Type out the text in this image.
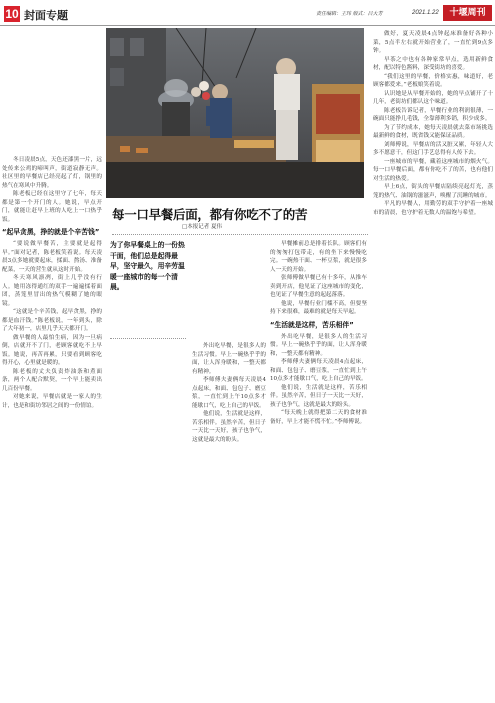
10 封面专题	责任编辑：王玮 版式：吕大芳	2021.1.22	十堰周刊
每一口早餐后面，都有你吃不了的苦
□本报记者 夏伟
为了你早餐桌上的一份热干面，他们总是起得最早，坚守最久，用辛劳温暖一座城市的每一个清晨。

冬日凌晨5点，天色还漆黑一片，远处传来公鸡的啼叫声，街道寂静无声。社区里的早餐店已经亮起了灯，锅里的热气在寒风中升腾。

陈老板已经在这里守了七年，每天都是第一个开门的人。她说，早点开门，就能让赶早上班的人吃上一口热乎饭。

“起早贪黑，挣的就是个辛苦钱”

“要说做早餐苦，主要就是起得早。”面对记者，陈老板笑着说。每天凌晨3点多她就要起床，揉面、熬汤、准备配菜，一天的营生就从这时开始。

冬天寒风凛冽，街上几乎没有行人。她用冻得通红的双手一遍遍揉着面团，蒸笼里冒出的热气模糊了她的眼镜。

“这就是个辛苦钱，起早贪黑，挣的都是血汗钱。”陈老板说，一年到头，除了大年初一，店里几乎天天都开门。

做早餐的人最怕生病，因为一旦病倒，店就开不了门，老顾客就吃不上早饭。她说，再苦再累，只要看到顾客吃得开心，心里就是暖的。

陈老板的丈夫负责炸油条和煮面条，两个人配合默契，一个早上能卖出几百份早餐。

对她来说，早餐店就是一家人的生计，也是和街坊邻居之间的一份情谊。

早餐摊前总是排着长队。顾客们有的匆匆打包带走，有的坐下来慢慢吃完。一碗热干面、一杯豆浆，就是很多人一天的开始。

张师傅做早餐已有十多年，从推车卖到开店，他见证了这座城市的变化，也见证了早餐生意的起起落落。

他说，早餐行业门槛不高，但要坚持下来很难，最难的就是每天早起。

“生活就是这样，苦乐相伴”

外出吃早餐，是很多人的生活习惯。早上一碗热乎乎的面，让人浑身暖和，一整天都有精神。

李师傅夫妻俩每天凌晨4点起床，和面、包包子、磨豆浆，一直忙到上午10点多才能歇口气，吃上自己的早饭。

他们说，生活就是这样，苦乐相伴。虽然辛苦，但日子一天比一天好，孩子也争气，这就是最大的盼头。

“每天晚上就得把第二天的食材准备好，早上才能不慌不忙。”李师傅说。

外出吃早餐，是很多人的生活习惯。早上一碗热乎乎的面，让人浑身暖和，一整天都有精神。

李师傅夫妻俩每天凌晨4点起床，和面、包包子、磨豆浆，一直忙到上午10点多才能歇口气，吃上自己的早饭。

他们说，生活就是这样，苦乐相伴。虽然辛苦，但日子一天比一天好，孩子也争气，这就是最大的盼头。

做好，夏天凌晨4点钟起床准备好各种小菜，5点半左右就开始营业了，一直忙到9点多钟。

早茶之中也有各种家常早点，选用新鲜食材，配以特色酱料，深受街坊的喜爱。

“我们这里的早餐，价格实惠，味道好，老顾客都爱来。”老板娘笑着说。

认识她是从早餐开始的，她的早点铺开了十几年，老街坊们都认这个味道。

陈老板告诉记者，早餐行业的利润很薄，一碗面只能挣几毛钱，全靠薄利多销，积少成多。

为了节约成本，她每天凌晨就去菜市场挑选最新鲜的食材，既省钱又能保证品质。

刘师傅说，早餐店的活又脏又累，年轻人大多不愿意干，但这门手艺总得有人传下去。

一座城市的早餐，藏着这座城市的烟火气。每一口早餐后面，都有你吃不了的苦，也有他们对生活的热爱。

早上6点，街头的早餐店陆续亮起灯光，蒸笼的热气、油锅的滋滋声，唤醒了沉睡的城市。

平凡的早餐人，用勤劳的双手守护着一座城市的清晨，也守护着无数人的温饱与希望。
